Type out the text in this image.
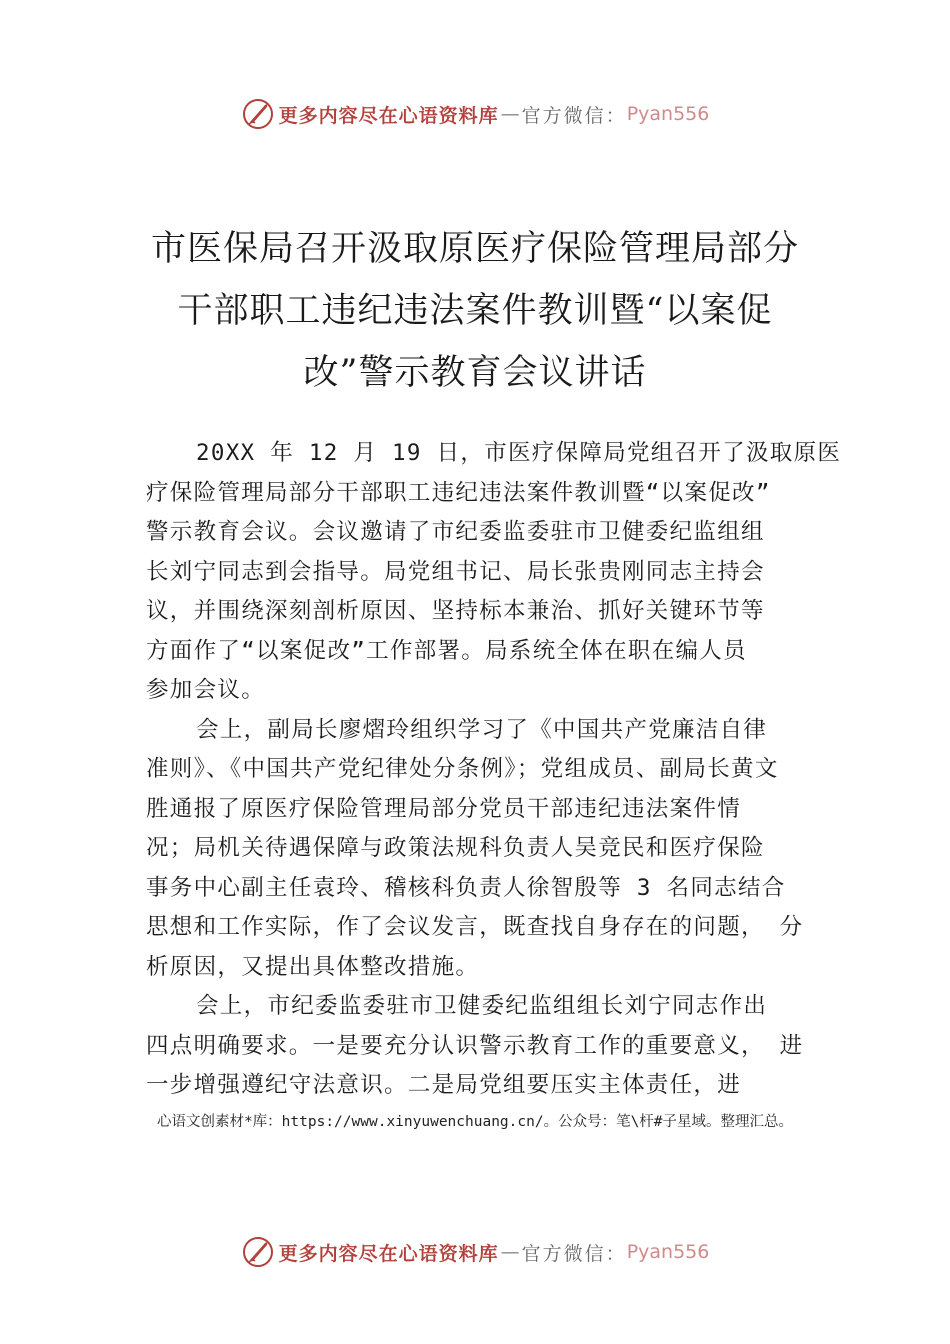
更多内容尽在心语资料库 — 官方微信： Pyan556
市医保局召开汲取原医疗保险管理局部分
干部职工违纪违法案件教训暨“以案促
改”警示教育会议讲话
20XX 年 12 月 19 日，市医疗保障局党组召开了汲取原医
疗保险管理局部分干部职工违纪违法案件教训暨“以案促改”
警示教育会议。会议邀请了市纪委监委驻市卫健委纪监组组
长刘宁同志到会指导。局党组书记、局长张贵刚同志主持会
议，并围绕深刻剖析原因、坚持标本兼治、抓好关键环节等
方面作了“以案促改”工作部署。局系统全体在职在编人员
参加会议。
会上，副局长廖熠玲组织学习了《中国共产党廉洁自律
准则》、《中国共产党纪律处分条例》；党组成员、副局长黄文
胜通报了原医疗保险管理局部分党员干部违纪违法案件情
况；局机关待遇保障与政策法规科负责人吴竞民和医疗保险
事务中心副主任袁玲、稽核科负责人徐智殷等 3 名同志结合
思想和工作实际，作了会议发言，既查找自身存在的问题， 分
析原因，又提出具体整改措施。
会上，市纪委监委驻市卫健委纪监组组长刘宁同志作出
四点明确要求。一是要充分认识警示教育工作的重要意义， 进
一步增强遵纪守法意识。二是局党组要压实主体责任，进
心语文创素材*库：https://www.xinyuwenchuang.cn/。公众号：笔\杆#子星域。整理汇总。
更多内容尽在心语资料库 — 官方微信： Pyan556
